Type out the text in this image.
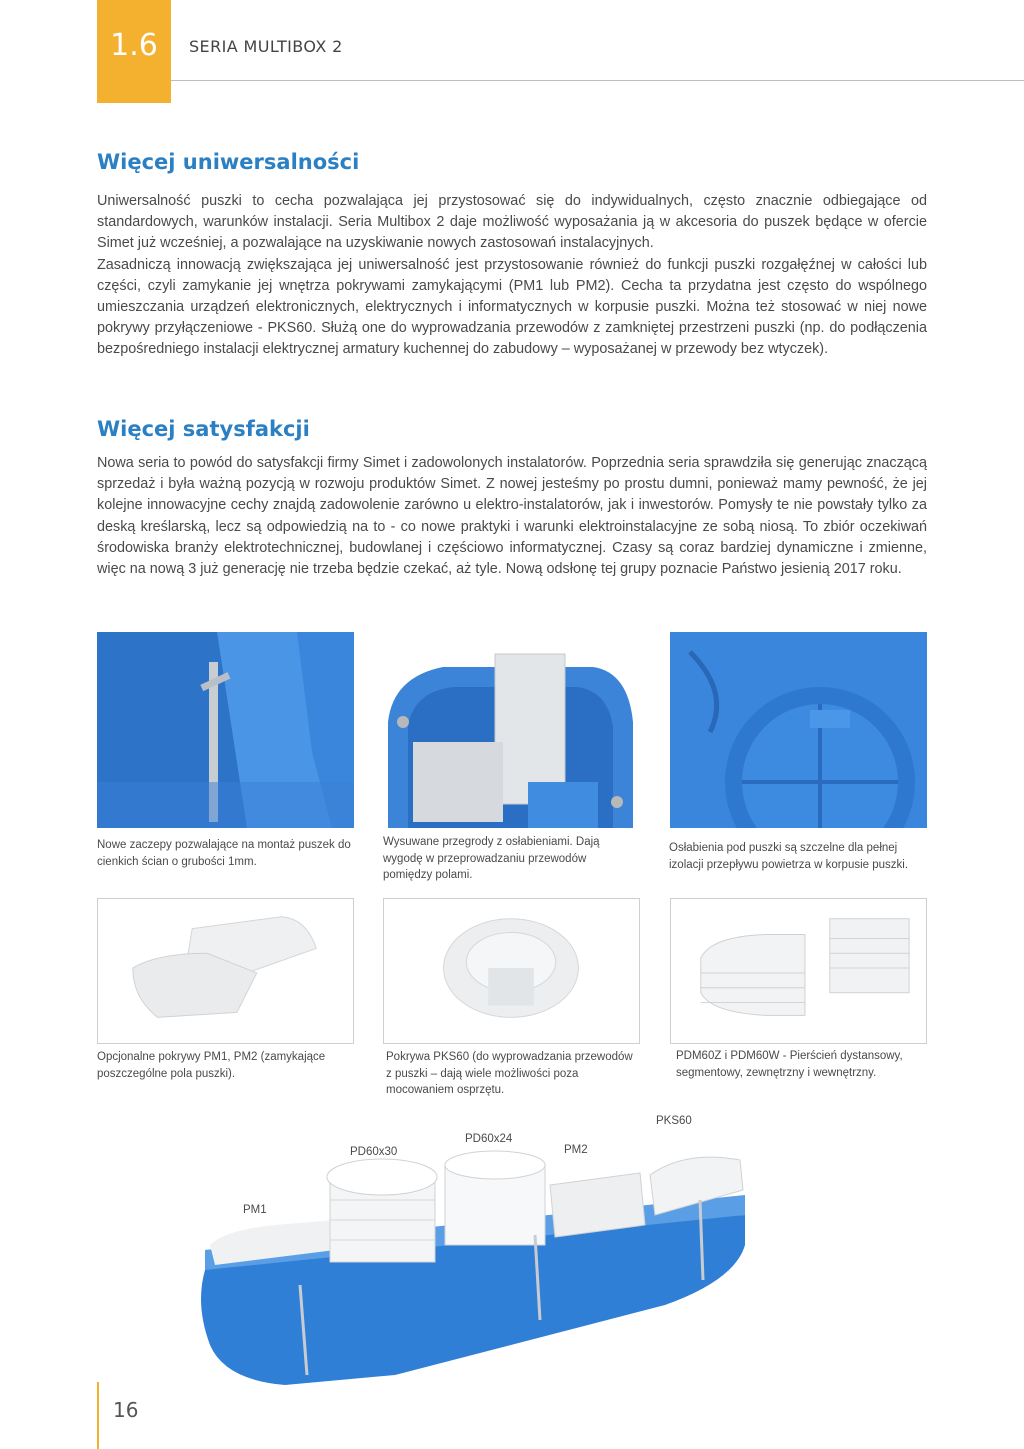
1.6	SERIA MULTIBOX 2
Więcej uniwersalności

Uniwersalność puszki to cecha pozwalająca jej przystosować się do indywidualnych, często znacznie odbiegające od standardowych, warunków instalacji. Seria Multibox 2 daje możliwość wyposażania ją w akcesoria do puszek będące w ofercie Simet już wcześniej, a pozwalające na uzyskiwanie nowych zastosowań instalacyjnych.

Zasadniczą innowacją zwiększająca jej uniwersalność jest przystosowanie również do funkcji puszki rozgałęźnej w całości lub części, czyli zamykanie jej wnętrza pokrywami zamykającymi (PM1 lub PM2). Cecha ta przydatna jest często do wspólnego umieszczania urządzeń elektronicznych, elektrycznych i informatycznych w korpusie puszki. Można też stosować w niej nowe pokrywy przyłączeniowe - PKS60. Służą one do wyprowadzania przewodów z zamkniętej przestrzeni puszki (np. do podłączenia bezpośredniego instalacji elektrycznej armatury kuchennej do zabudowy – wyposażanej w przewody bez wtyczek).

Więcej satysfakcji

Nowa seria to powód do satysfakcji firmy Simet i zadowolonych instalatorów. Poprzednia seria sprawdziła się generując znaczącą sprzedaż i była ważną pozycją w rozwoju produktów Simet. Z nowej jesteśmy po prostu dumni, ponieważ mamy pewność, że jej kolejne innowacyjne cechy znajdą zadowolenie zarówno u elektro-instalatorów, jak i inwestorów. Pomysły te nie powstały tylko za deską kreślarską, lecz są odpowiedzią na to - co nowe praktyki i warunki elektroinstalacyjne ze sobą niosą. To zbiór oczekiwań środowiska branży elektrotechnicznej, budowlanej i częściowo informatycznej. Czasy są coraz bardziej dynamiczne i zmienne, więc na nową 3 już generację nie trzeba będzie czekać, aż tyle. Nową odsłonę tej grupy poznacie Państwo jesienią 2017 roku.

Nowe zaczepy pozwalające na montaż puszek do cienkich ścian o grubości 1mm.

Wysuwane przegrody z osłabieniami. Dają wygodę w przeprowadzaniu przewodów pomiędzy polami.

Osłabienia pod puszki są szczelne dla pełnej izolacji przepływu powietrza w korpusie puszki.

Opcjonalne pokrywy PM1, PM2 (zamykające poszczególne pola puszki).

Pokrywa PKS60 (do wyprowadzania przewodów z puszki – dają wiele możliwości poza mocowaniem osprzętu.

PDM60Z i PDM60W - Pierścień dystansowy, segmentowy, zewnętrzny i wewnętrzny.

PKS60
PD60x24
PD60x30	PM2
PM1
16
